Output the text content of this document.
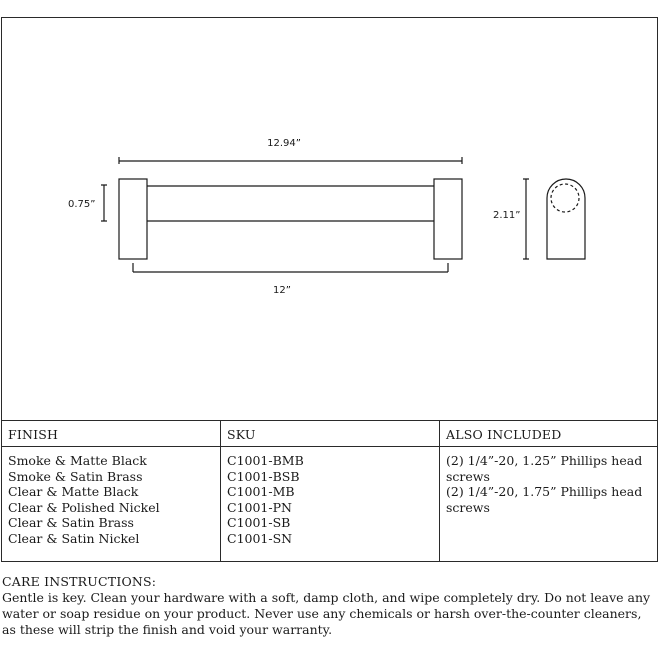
12.94”
0.75”
12”
2.11”
FINISH
Smoke & Matte Black
Smoke & Satin Brass
Clear & Matte Black
Clear & Polished Nickel
Clear & Satin Brass
Clear & Satin Nickel
SKU
C1001-BMB
C1001-BSB
C1001-MB
C1001-PN
C1001-SB
C1001-SN
ALSO INCLUDED
(2) 1/4”-20, 1.25” Phillips head screws
(2) 1/4”-20, 1.75” Phillips head screws
CARE INSTRUCTIONS:
Gentle is key. Clean your hardware with a soft, damp cloth, and wipe completely dry. Do not leave any water or soap residue on your product. Never use any chemicals or harsh over-the-counter cleaners, as these will strip the finish and void your warranty.
